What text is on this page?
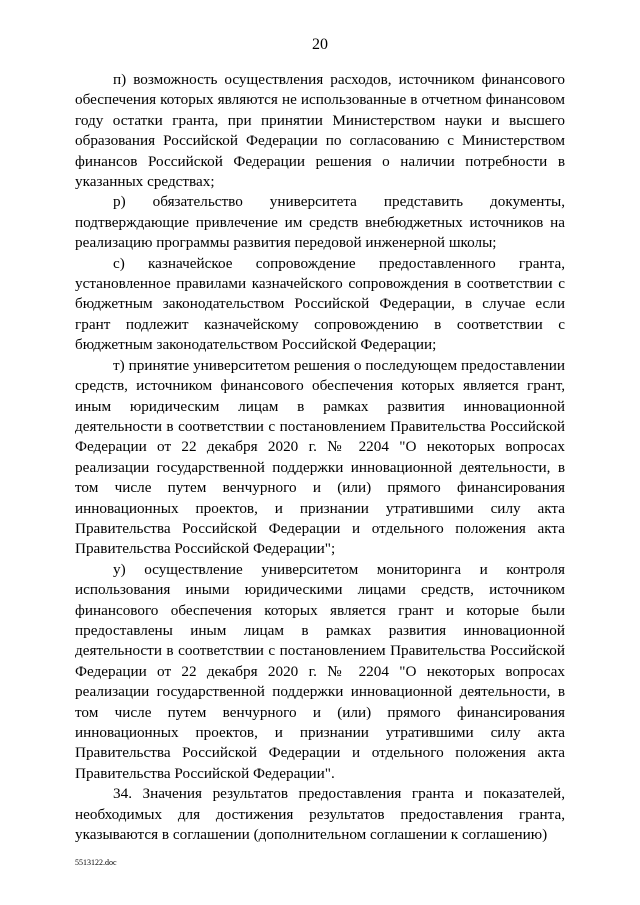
20

п) возможность осуществления расходов, источником финансового обеспечения которых являются не использованные в отчетном финансовом году остатки гранта, при принятии Министерством науки и высшего образования Российской Федерации по согласованию с Министерством финансов Российской Федерации решения о наличии потребности в указанных средствах;

р) обязательство университета представить документы, подтверждающие привлечение им средств внебюджетных источников на реализацию программы развития передовой инженерной школы;

с) казначейское сопровождение предоставленного гранта, установленное правилами казначейского сопровождения в соответствии с бюджетным законодательством Российской Федерации, в случае если грант подлежит казначейскому сопровождению в соответствии с бюджетным законодательством Российской Федерации;

т) принятие университетом решения о последующем предоставлении средств, источником финансового обеспечения которых является грант, иным юридическим лицам в рамках развития инновационной деятельности в соответствии с постановлением Правительства Российской Федерации от 22 декабря 2020 г. № 2204 "О некоторых вопросах реализации государственной поддержки инновационной деятельности, в том числе путем венчурного и (или) прямого финансирования инновационных проектов, и признании утратившими силу акта Правительства Российской Федерации и отдельного положения акта Правительства Российской Федерации";

у) осуществление университетом мониторинга и контроля использования иными юридическими лицами средств, источником финансового обеспечения которых является грант и которые были предоставлены иным лицам в рамках развития инновационной деятельности в соответствии с постановлением Правительства Российской Федерации от 22 декабря 2020 г. № 2204 "О некоторых вопросах реализации государственной поддержки инновационной деятельности, в том числе путем венчурного и (или) прямого финансирования инновационных проектов, и признании утратившими силу акта Правительства Российской Федерации и отдельного положения акта Правительства Российской Федерации".

34. Значения результатов предоставления гранта и показателей, необходимых для достижения результатов предоставления гранта, указываются в соглашении (дополнительном соглашении к соглашению)

5513122.doc
